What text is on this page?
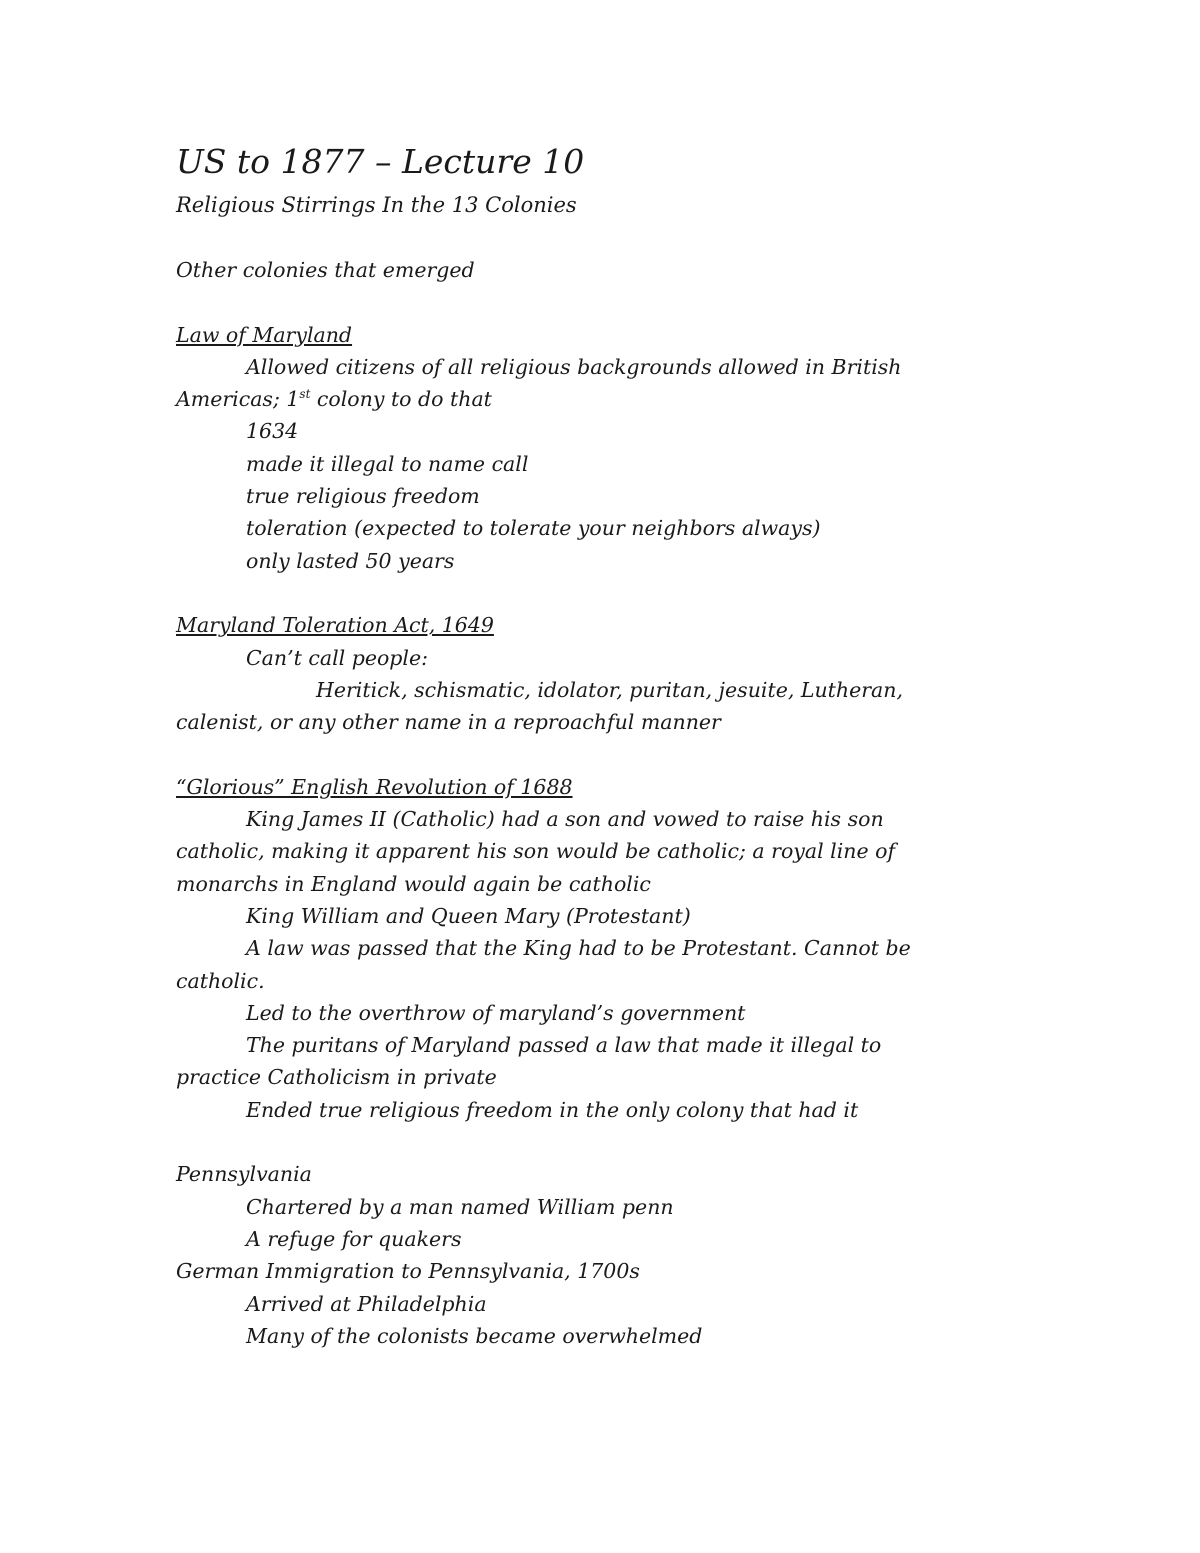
US to 1877 – Lecture 10
Religious Stirrings In the 13 Colonies

Other colonies that emerged

Law of Maryland

Allowed citizens of all religious backgrounds allowed in British

Americas; 1st colony to do that

1634

made it illegal to name call

true religious freedom

toleration (expected to tolerate your neighbors always)

only lasted 50 years

Maryland Toleration Act, 1649

Can’t call people:

Heritick, schismatic, idolator, puritan, jesuite, Lutheran,

calenist, or any other name in a reproachful manner

“Glorious” English Revolution of 1688

King James II (Catholic) had a son and vowed to raise his son

catholic, making it apparent his son would be catholic; a royal line of

monarchs in England would again be catholic

King William and Queen Mary (Protestant)

A law was passed that the King had to be Protestant. Cannot be

catholic.

Led to the overthrow of maryland’s government

The puritans of Maryland passed a law that made it illegal to

practice Catholicism in private

Ended true religious freedom in the only colony that had it

Pennsylvania

Chartered by a man named William penn

A refuge for quakers

German Immigration to Pennsylvania, 1700s

Arrived at Philadelphia

Many of the colonists became overwhelmed
